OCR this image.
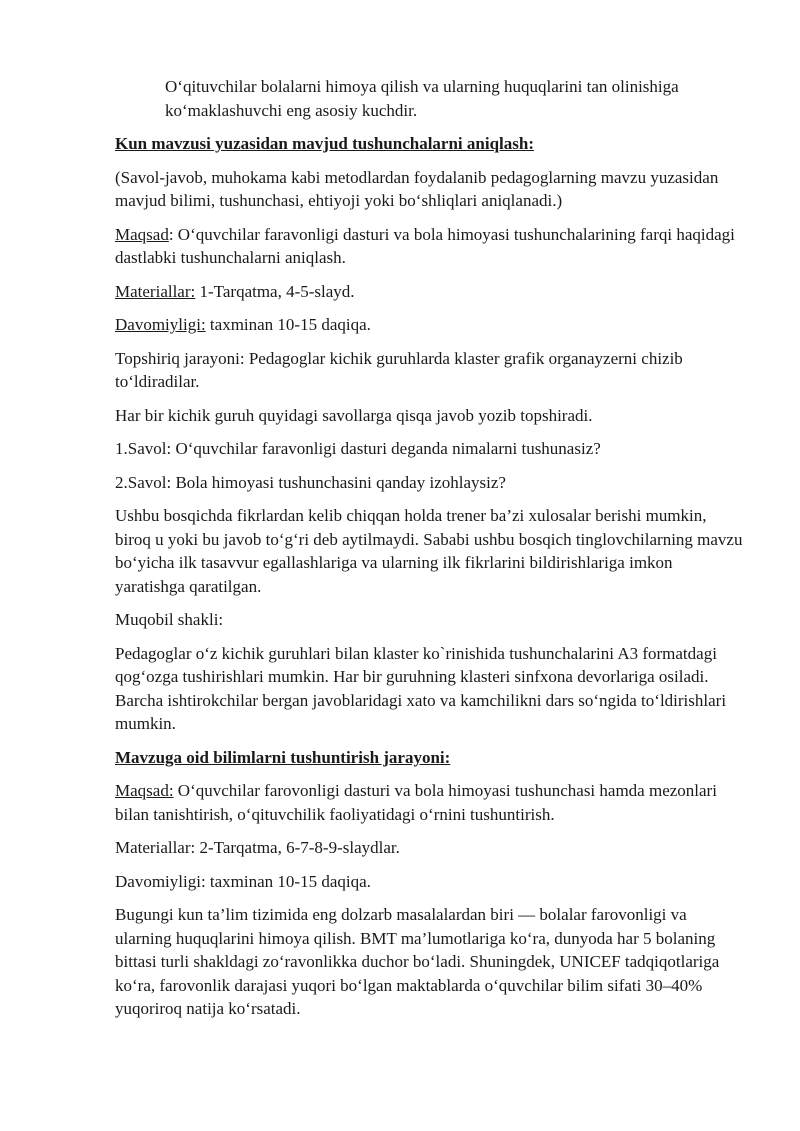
O‘qituvchilar bolalarni himoya qilish va ularning huquqlarini tan olinishiga ko‘maklashuvchi eng asosiy kuchdir.

Kun mavzusi yuzasidan mavjud tushunchalarni aniqlash:

(Savol-javob, muhokama kabi metodlardan foydalanib pedagoglarning mavzu yuzasidan mavjud bilimi, tushunchasi, ehtiyoji yoki bo‘shliqlari aniqlanadi.)

Maqsad: O‘quvchilar faravonligi dasturi va bola himoyasi tushunchalarining farqi haqidagi dastlabki tushunchalarni aniqlash.

Materiallar: 1-Tarqatma, 4-5-slayd.

Davomiyligi: taxminan 10-15 daqiqa.

Topshiriq jarayoni: Pedagoglar kichik guruhlarda klaster grafik organayzerni chizib to‘ldiradilar.

Har bir kichik guruh quyidagi savollarga qisqa javob yozib topshiradi.

1.Savol: O‘quvchilar faravonligi dasturi deganda nimalarni tushunasiz?

2.Savol: Bola himoyasi tushunchasini qanday izohlaysiz?

Ushbu bosqichda fikrlardan kelib chiqqan holda trener ba’zi xulosalar berishi mumkin, biroq u yoki bu javob to‘g‘ri deb aytilmaydi. Sababi ushbu bosqich tinglovchilarning mavzu bo‘yicha ilk tasavvur egallashlariga va ularning ilk fikrlarini bildirishlariga imkon yaratishga qaratilgan.

Muqobil shakli:

Pedagoglar o‘z kichik guruhlari bilan klaster ko`rinishida tushunchalarini A3 formatdagi qog‘ozga tushirishlari mumkin. Har bir guruhning klasteri sinfxona devorlariga osiladi. Barcha ishtirokchilar bergan javoblaridagi xato va kamchilikni dars so‘ngida to‘ldirishlari mumkin.

Mavzuga oid bilimlarni tushuntirish jarayoni:

Maqsad: O‘quvchilar farovonligi dasturi va bola himoyasi tushunchasi hamda mezonlari bilan tanishtirish, o‘qituvchilik faoliyatidagi o‘rnini tushuntirish.

Materiallar: 2-Tarqatma, 6-7-8-9-slaydlar.

Davomiyligi: taxminan 10-15 daqiqa.

Bugungi kun ta’lim tizimida eng dolzarb masalalardan biri — bolalar farovonligi va ularning huquqlarini himoya qilish. BMT ma’lumotlariga ko‘ra, dunyoda har 5 bolaning bittasi turli shakldagi zo‘ravonlikka duchor bo‘ladi. Shuningdek, UNICEF tadqiqotlariga ko‘ra, farovonlik darajasi yuqori bo‘lgan maktablarda o‘quvchilar bilim sifati 30–40% yuqoriroq natija ko‘rsatadi.
